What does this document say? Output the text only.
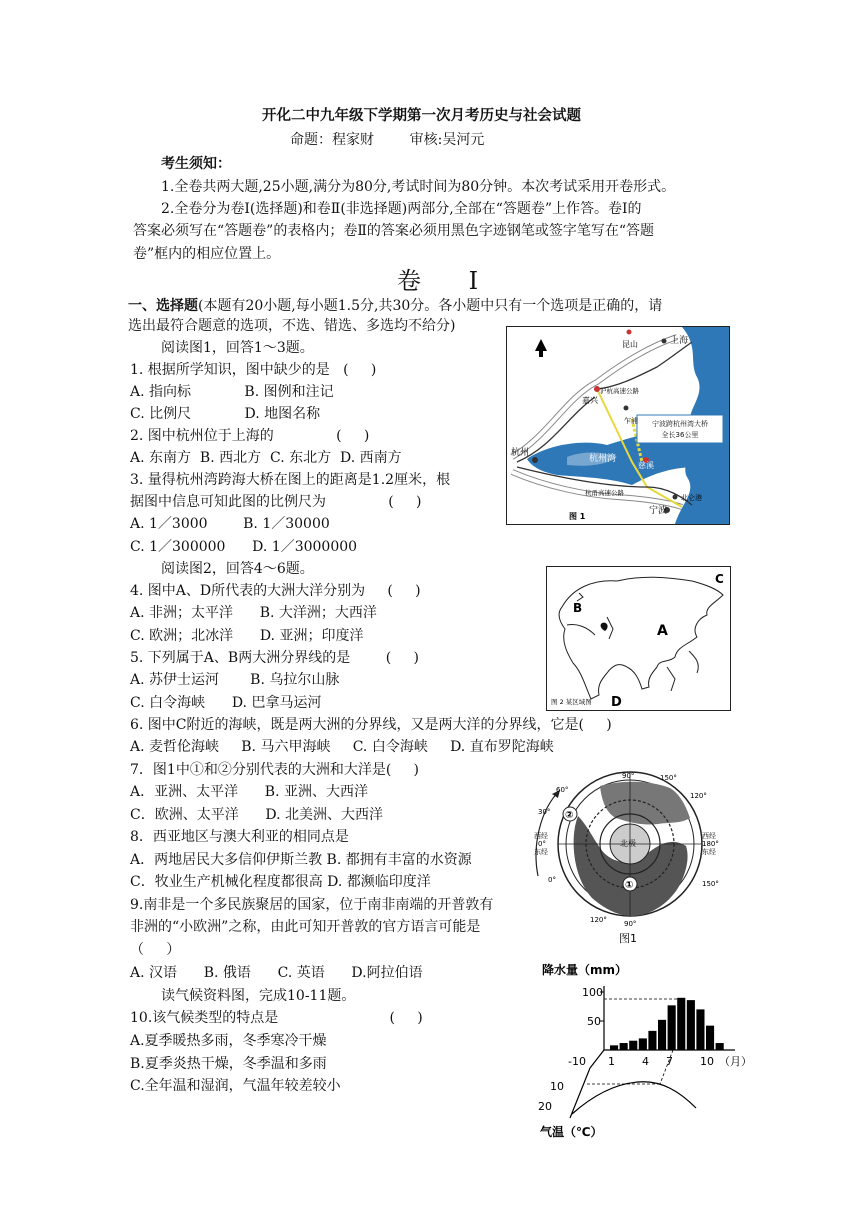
开化二中九年级下学期第一次月考历史与社会试题
命题：程家财        审核:吴河元
考生须知：
1.全卷共两大题,25小题,满分为80分,考试时间为80分钟。本次考试采用开卷形式。
2.全卷分为卷Ⅰ(选择题)和卷Ⅱ(非选择题)两部分,全部在“答题卷”上作答。卷Ⅰ的
答案必须写在“答题卷”的表格内；卷Ⅱ的答案必须用黑色字迹钢笔或签字笔写在“答题
卷”框内的相应位置上。
卷 Ⅰ
一、选择题(本题有20小题,每小题1.5分,共30分。各小题中只有一个选项是正确的，请
选出最符合题意的选项，不选、错选、多选均不给分)
阅读图1，回答1～3题。
1. 根据所学知识，图中缺少的是   (     )
A. 指向标            B. 图例和注记
C. 比例尺            D. 地图名称
2. 图中杭州位于上海的              (     )
A. 东南方  B. 西北方  C. 东北方  D. 西南方
3. 量得杭州湾跨海大桥在图上的距离是1.2厘米，根
据图中信息可知此图的比例尺为              (     )
A. 1／3000        B. 1／30000
C. 1／300000      D. 1／3000000
阅读图2，回答4～6题。
4. 图中A、D所代表的大洲大洋分别为     (     )
A. 非洲；太平洋      B. 大洋洲；大西洋
C. 欧洲；北冰洋      D. 亚洲；印度洋
5. 下列属于A、B两大洲分界线的是        (     )
A. 苏伊士运河       B. 乌拉尔山脉
C. 白令海峡      D. 巴拿马运河
6. 图中C附近的海峡，既是两大洲的分界线，又是两大洋的分界线，它是(     )
A. 麦哲伦海峡     B. 马六甲海峡     C. 白令海峡     D. 直布罗陀海峡
7．图1中①和②分别代表的大洲和大洋是(     )
A．亚洲、太平洋      B. 亚洲、大西洋
C．欧洲、太平洋      D. 北美洲、大西洋
8．西亚地区与澳大利亚的相同点是
A．两地居民大多信仰伊斯兰教 B. 都拥有丰富的水资源
C．牧业生产机械化程度都很高 D. 都濒临印度洋
9.南非是一个多民族聚居的国家，位于南非南端的开普敦有
非洲的“小欧洲”之称，由此可知开普敦的官方语言可能是
（     ）
A. 汉语      B. 俄语      C. 英语      D.阿拉伯语
读气候资料图，完成10-11题。
10.该气候类型的特点是                         (     )
A.夏季暖热多雨，冬季寒冷干燥
B.夏季炎热干燥，冬季温和多雨
C.全年温和湿润，气温年较差较小
宁波跨杭州湾大桥
全长36公里
昆山	上海
嘉兴
乍浦
杭州
杭州湾
慈溪
宁波
北仑港
杭甬高速公路
沪杭高速公路
图 1
B
A
C
D
图 2 某区域图
90°
60°
30°
150°
120°
0°	150°
120° 90°
北极
西经
0°
东经
西经
180°
东经
②
①
图1
降水量（mm）
100
50
-10 1 4 7 10 （月）
10
20
气温（℃）
